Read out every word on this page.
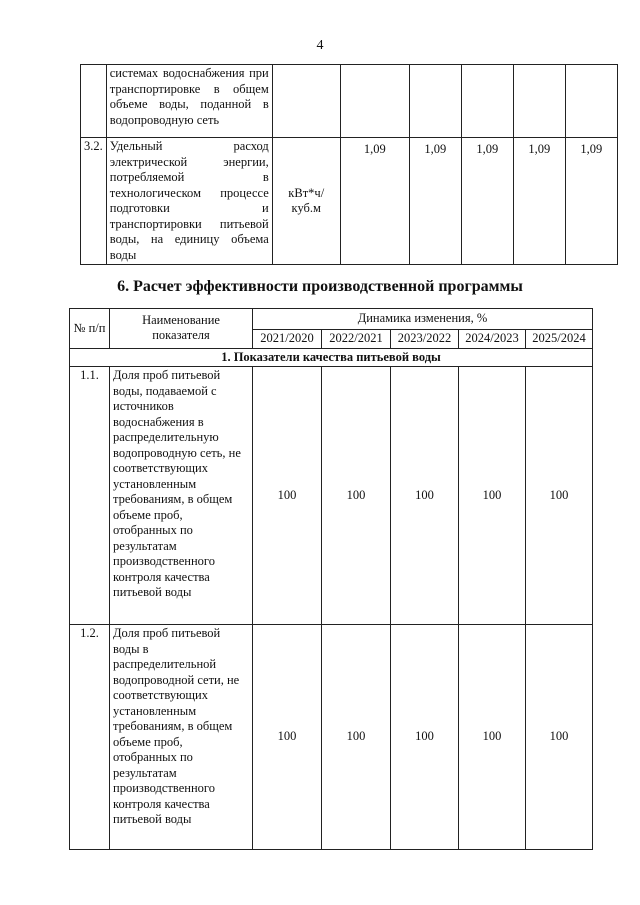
4
	системах водоснабжения при транспортировке в общем объеме воды, поданной в водопроводную сеть						
3.2.	Удельный расход электрической энергии, потребляемой в технологическом процессе подготовки и транспортировки питьевой воды, на единицу объема воды	кВт*ч/ куб.м	1,09	1,09	1,09	1,09	1,09
6. Расчет эффективности производственной программы
№ п/п	Наименование показателя	Динамика изменения, %				
		2021/2020	2022/2021	2023/2022	2024/2023	2025/2024
1. Показатели качества питьевой воды						
1.1.	Доля проб питьевой воды, подаваемой с источников водоснабжения в распределительную водопроводную сеть, не соответствующих установленным требованиям, в общем объеме проб, отобранных по результатам производственного контроля качества питьевой воды	100	100	100	100	100
1.2.	Доля проб питьевой воды в распределительной водопроводной сети, не соответствующих установленным требованиям, в общем объеме проб, отобранных по результатам производственного контроля качества питьевой воды	100	100	100	100	100
